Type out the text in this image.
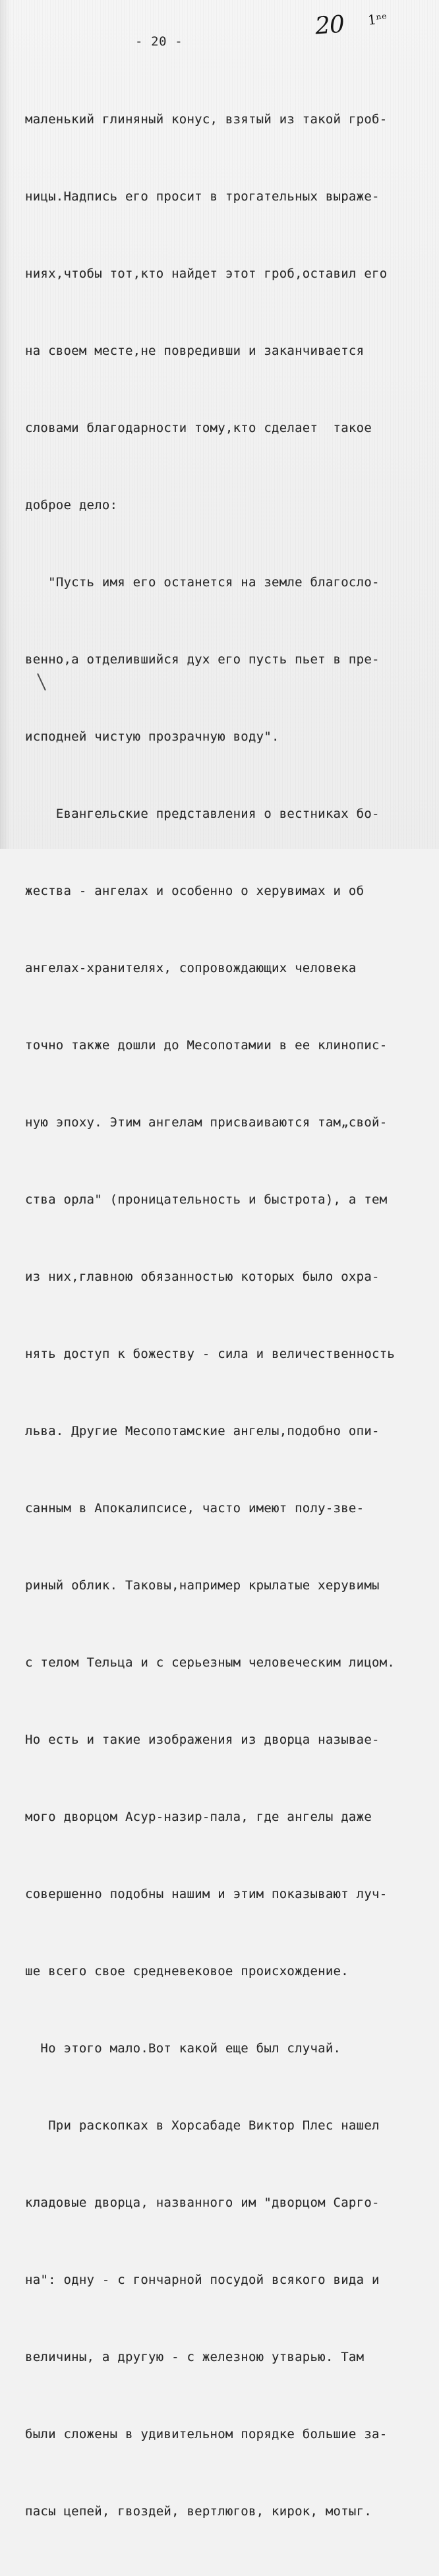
- 20 -
20 1ⁿᵉ

маленький глиняный конус, взятый из такой гроб-

ницы.Надпись его просит в трогательных выраже-

ниях,чтобы тот,кто найдет этот гроб,оставил его

на своем месте,не повредивши и заканчивается

словами благодарности тому,кто сделает  такое

доброе дело:

"Пусть имя его останется на земле благосло-

венно,а отделившийся дух его пусть пьет в пре-

исподней чистую прозрачную воду".

Евангельские представления о вестниках бо-

жества - ангелах и особенно о херувимах и об

ангелах-хранителях, сопровождающих человека

точно также дошли до Месопотамии в ее клинопис-

ную эпоху. Этим ангелам присваиваются там„свой-

ства орла" (проницательность и быстрота), а тем

из них,главною обязанностью которых было охра-

нять доступ к божеству - сила и величественность

льва. Другие Месопотамские ангелы,подобно опи-

санным в Апокалипсисе, часто имеют полу-зве-

риный облик. Таковы,например крылатые херувимы

с телом Тельца и с серьезным человеческим лицом.

Но есть и такие изображения из дворца называе-

мого дворцом Асур-назир-пала, где ангелы даже

совершенно подобны нашим и этим показывают луч-

ше всего свое средневековое происхождение.

Но этого мало.Вот какой еще был случай.

При раскопках в Хорсабаде Виктор Плес нашел

кладовые дворца, названного им "дворцом Сарго-

на": одну - с гончарной посудой всякого вида и

величины, а другую - с железною утварью. Там

были сложены в удивительном порядке большие за-

пасы цепей, гвоздей, вертлюгов, кирок, мотыг.
